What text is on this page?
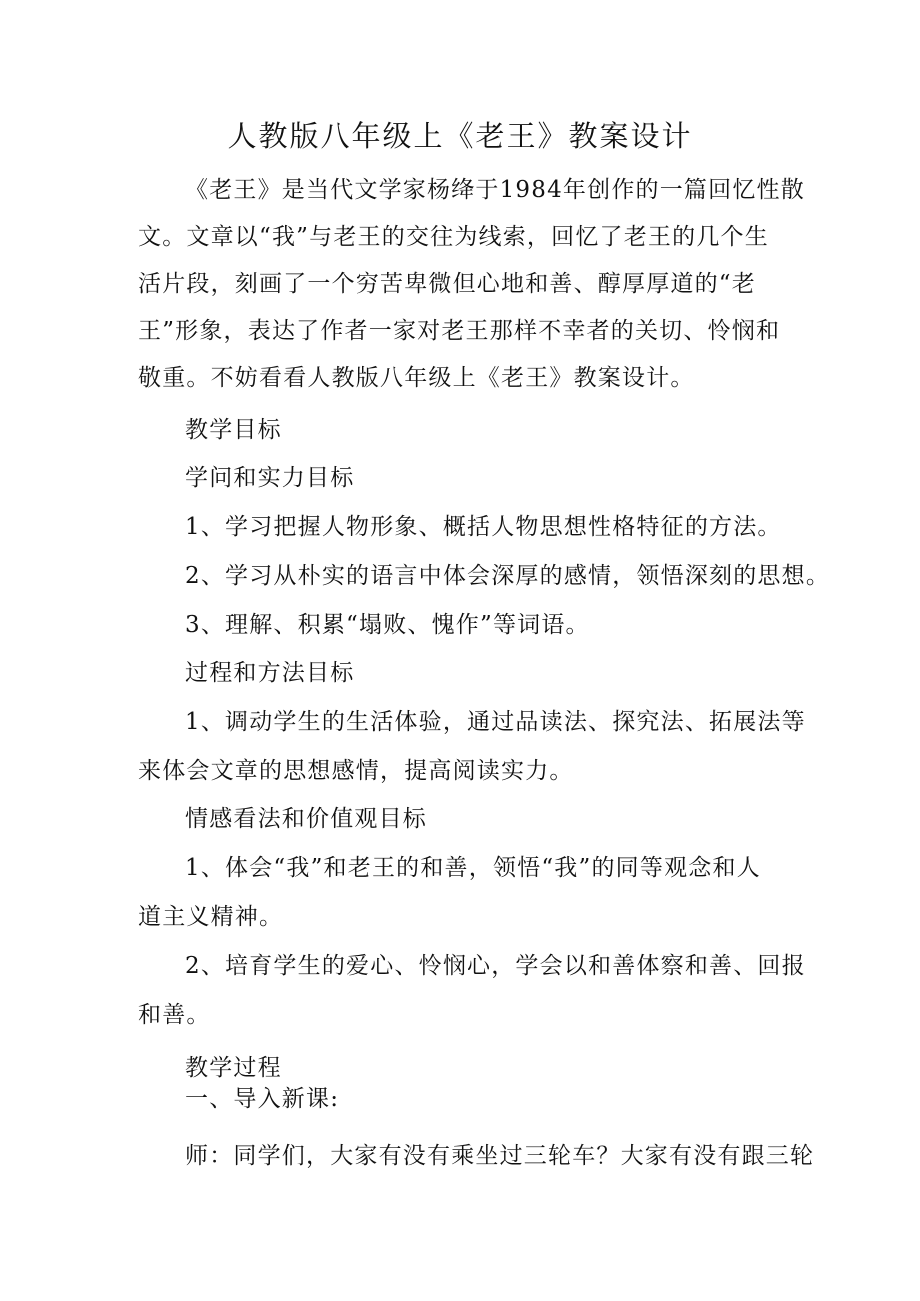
人教版八年级上《老王》教案设计
《老王》是当代文学家杨绛于1984年创作的一篇回忆性散
文。文章以“我”与老王的交往为线索，回忆了老王的几个生
活片段，刻画了一个穷苦卑微但心地和善、醇厚厚道的“老
王”形象，表达了作者一家对老王那样不幸者的关切、怜悯和
敬重。不妨看看人教版八年级上《老王》教案设计。
教学目标
学问和实力目标
1、学习把握人物形象、概括人物思想性格特征的方法。
2、学习从朴实的语言中体会深厚的感情，领悟深刻的思想。
3、理解、积累“塌败、愧作”等词语。
过程和方法目标
1、调动学生的生活体验，通过品读法、探究法、拓展法等
来体会文章的思想感情，提高阅读实力。
情感看法和价值观目标
1、体会“我”和老王的和善，领悟“我”的同等观念和人
道主义精神。
2、培育学生的爱心、怜悯心，学会以和善体察和善、回报
和善。
教学过程
一、导入新课:
师：同学们，大家有没有乘坐过三轮车？大家有没有跟三轮
